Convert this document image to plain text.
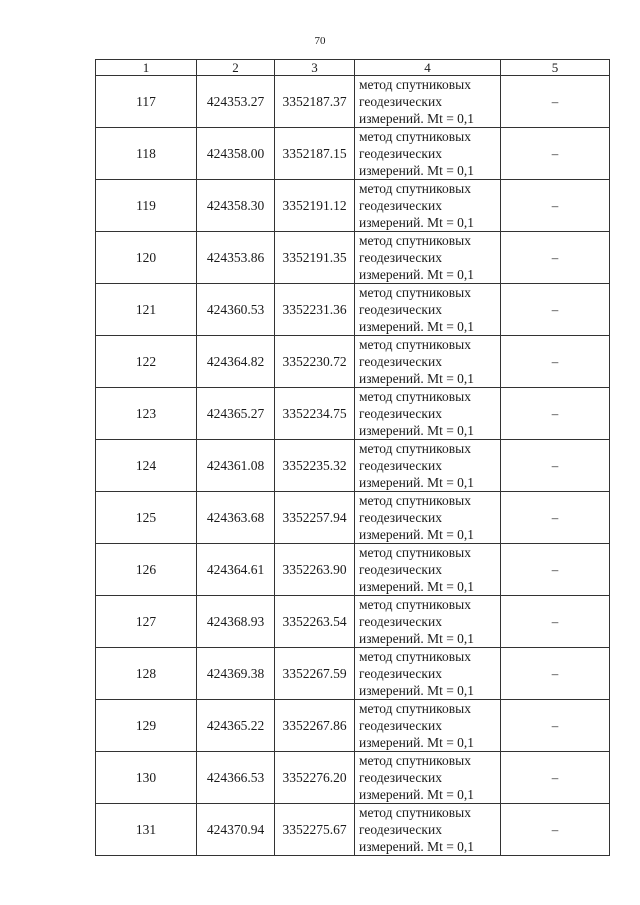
70
1	2	3	4	5
117	424353.27	3352187.37	метод спутниковых
геодезических
измерений. Mt = 0,1	–
118	424358.00	3352187.15	метод спутниковых
геодезических
измерений. Mt = 0,1	–
119	424358.30	3352191.12	метод спутниковых
геодезических
измерений. Mt = 0,1	–
120	424353.86	3352191.35	метод спутниковых
геодезических
измерений. Mt = 0,1	–
121	424360.53	3352231.36	метод спутниковых
геодезических
измерений. Mt = 0,1	–
122	424364.82	3352230.72	метод спутниковых
геодезических
измерений. Mt = 0,1	–
123	424365.27	3352234.75	метод спутниковых
геодезических
измерений. Mt = 0,1	–
124	424361.08	3352235.32	метод спутниковых
геодезических
измерений. Mt = 0,1	–
125	424363.68	3352257.94	метод спутниковых
геодезических
измерений. Mt = 0,1	–
126	424364.61	3352263.90	метод спутниковых
геодезических
измерений. Mt = 0,1	–
127	424368.93	3352263.54	метод спутниковых
геодезических
измерений. Mt = 0,1	–
128	424369.38	3352267.59	метод спутниковых
геодезических
измерений. Mt = 0,1	–
129	424365.22	3352267.86	метод спутниковых
геодезических
измерений. Mt = 0,1	–
130	424366.53	3352276.20	метод спутниковых
геодезических
измерений. Mt = 0,1	–
131	424370.94	3352275.67	метод спутниковых
геодезических
измерений. Mt = 0,1	–
